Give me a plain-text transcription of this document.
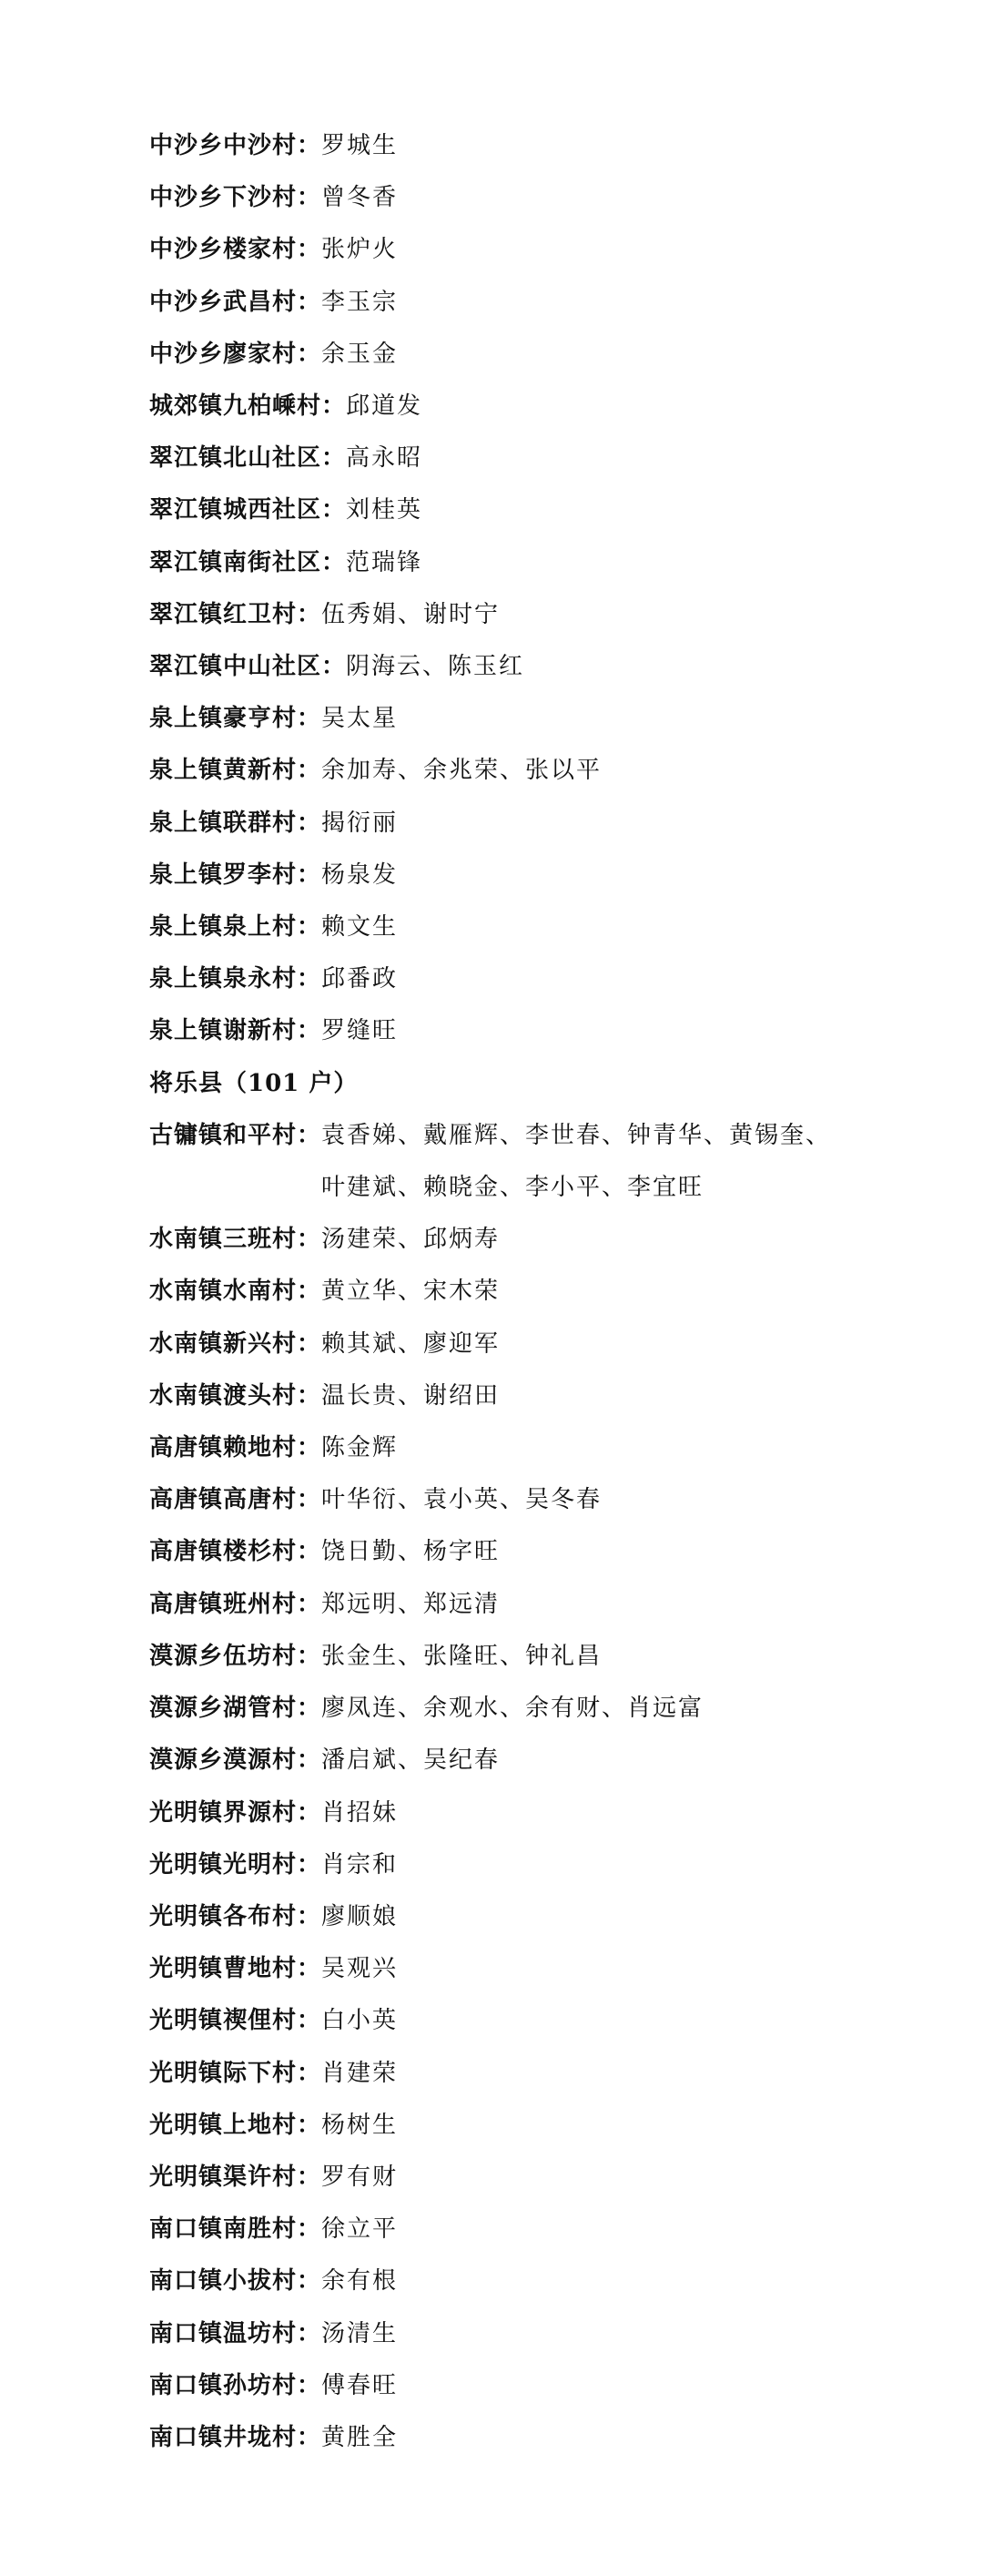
中沙乡中沙村： 罗城生
中沙乡下沙村： 曾冬香
中沙乡楼家村： 张炉火
中沙乡武昌村： 李玉宗
中沙乡廖家村： 余玉金
城郊镇九柏嵊村： 邱道发
翠江镇北山社区： 高永昭
翠江镇城西社区： 刘桂英
翠江镇南街社区： 范瑞锋
翠江镇红卫村： 伍秀娟、谢时宁
翠江镇中山社区： 阴海云、陈玉红
泉上镇豪亨村： 吴太星
泉上镇黄新村： 余加寿、余兆荣、张以平
泉上镇联群村： 揭衍丽
泉上镇罗李村： 杨泉发
泉上镇泉上村： 赖文生
泉上镇泉永村： 邱番政
泉上镇谢新村： 罗缝旺
将乐县（101 户）
古镛镇和平村： 袁香娣、戴雁辉、李世春、钟青华、黄锡奎、叶建斌、赖晓金、李小平、李宜旺
水南镇三班村： 汤建荣、邱炳寿
水南镇水南村： 黄立华、宋木荣
水南镇新兴村： 赖其斌、廖迎军
水南镇渡头村： 温长贵、谢绍田
高唐镇赖地村： 陈金辉
高唐镇高唐村： 叶华衍、袁小英、吴冬春
高唐镇楼杉村： 饶日勤、杨字旺
高唐镇班州村： 郑远明、郑远清
漠源乡伍坊村： 张金生、张隆旺、钟礼昌
漠源乡湖管村： 廖凤连、余观水、余有财、肖远富
漠源乡漠源村： 潘启斌、吴纪春
光明镇界源村： 肖招妹
光明镇光明村： 肖宗和
光明镇各布村： 廖顺娘
光明镇曹地村： 吴观兴
光明镇禊俚村： 白小英
光明镇际下村： 肖建荣
光明镇上地村： 杨树生
光明镇渠许村： 罗有财
南口镇南胜村： 徐立平
南口镇小拔村： 余有根
南口镇温坊村： 汤清生
南口镇孙坊村： 傅春旺
南口镇井垅村： 黄胜全
